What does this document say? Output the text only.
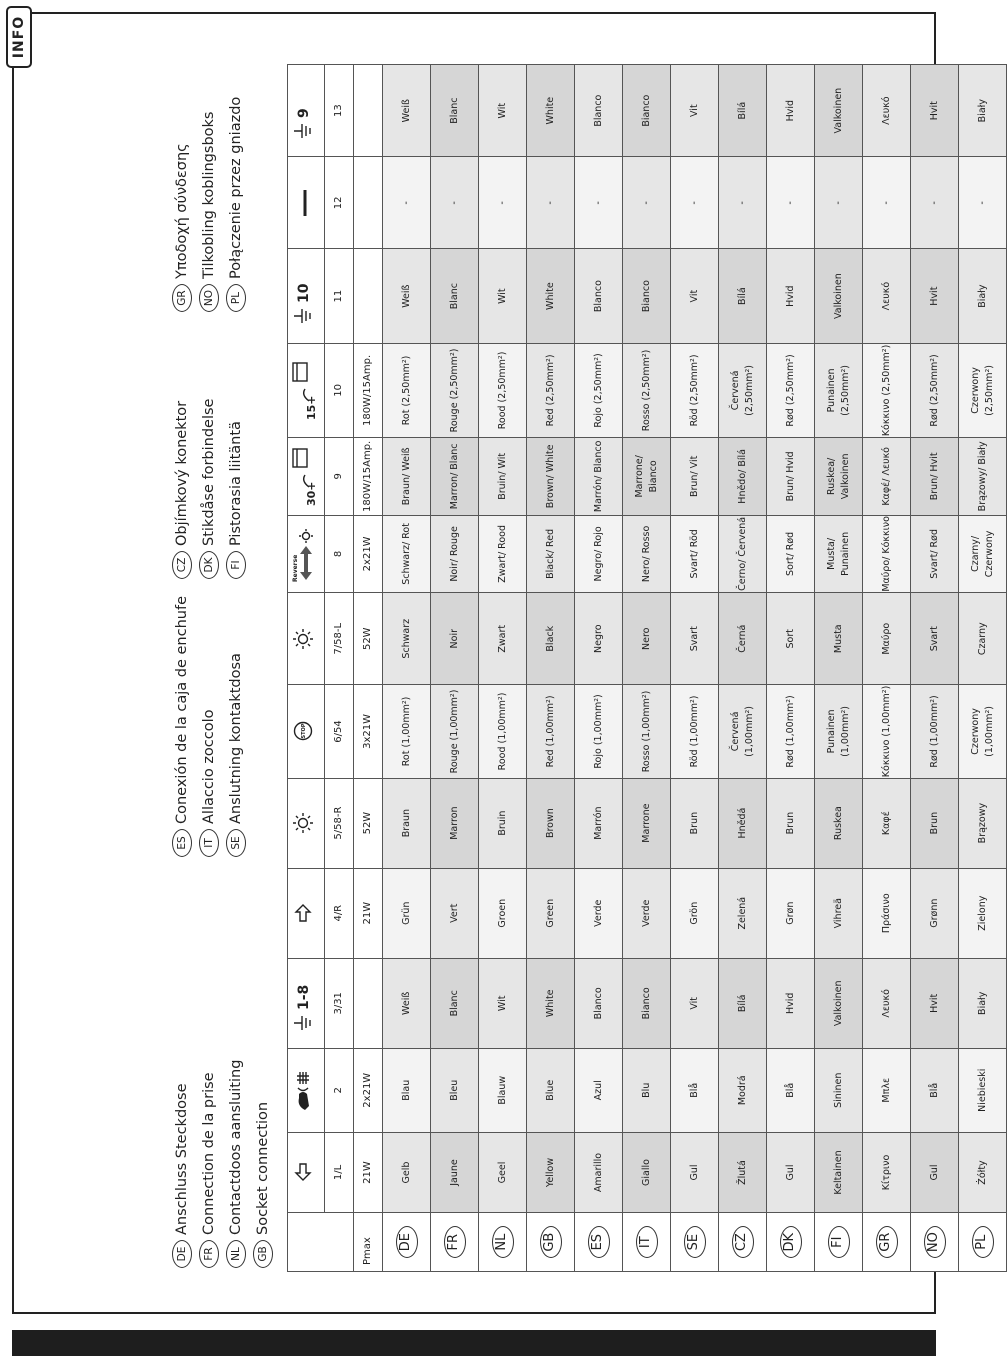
INFO
DE
Anschluss Steckdose
FR
Connection de la prise
NL
Contactdoos aansluiting
GB
Socket connection
ES
Conexión de la caja de enchufe
IT
Allaccio zoccolo
SE
Anslutning kontaktdosa
CZ
Objímkový konektor
DK
Stikdåse forbindelse
FI
Pistorasia liitäntä
GR
Υποδοχή σύνδεσης
NO
Tilkobling koblingsboks
PL
Połączenie przez gniazdo
DIN/ISO 11446			1-8			STOP		Reverse	30+	15+	10		9

	1/L	2	3/31	4/R	5/58-R	6/54	7/58-L	8	9	10	11	12	13
Pmax	21W	2x21W		21W	52W	3x21W	52W	2x21W	180W/15Amp.	180W/15Amp.			
DE	Gelb	Blau	Weiß	Grün	Braun	Rot (1,00mm²)	Schwarz	Schwarz/ Rot	Braun/ Weiß	Rot (2,50mm²)	Weiß	-	Weiß
FR	Jaune	Bleu	Blanc	Vert	Marron	Rouge (1,00mm²)	Noir	Noir/ Rouge	Marron/ Blanc	Rouge (2,50mm²)	Blanc	-	Blanc
NL	Geel	Blauw	Wit	Groen	Bruin	Rood (1,00mm²)	Zwart	Zwart/ Rood	Bruin/ Wit	Rood (2,50mm²)	Wit	-	Wit
GB	Yellow	Blue	White	Green	Brown	Red (1,00mm²)	Black	Black/ Red	Brown/ White	Red (2,50mm²)	White	-	White
ES	Amarillo	Azul	Blanco	Verde	Marrón	Rojo (1,00mm²)	Negro	Negro/ Rojo	Marrón/ Blanco	Rojo (2,50mm²)	Blanco	-	Blanco
IT	Giallo	Blu	Bianco	Verde	Marrone	Rosso (1,00mm²)	Nero	Nero/ Rosso	Marrone/ Bianco	Rosso (2,50mm²)	Bianco	-	Bianco
SE	Gul	Blå	Vit	Grön	Brun	Röd (1,00mm²)	Svart	Svart/ Röd	Brun/ Vit	Röd (2,50mm²)	Vit	-	Vit
CZ	Žlutá	Modrá	Bílá	Zelená	Hnědá	Červená (1,00mm²)	Černá	Černo/ Červená	Hnědo/ Bílá	Červená (2,50mm²)	Bílá	-	Bílá
DK	Gul	Blå	Hvid	Grøn	Brun	Rød (1,00mm²)	Sort	Sort/ Rød	Brun/ Hvid	Rød (2,50mm²)	Hvid	-	Hvid
FI	Keltainen	Sininen	Valkoinen	Vihreä	Ruskea	Punainen (1,00mm²)	Musta	Musta/ Punainen	Ruskea/ Valkoinen	Punainen (2,50mm²)	Valkoinen	-	Valkoinen
GR	Κίτρινο	Μπλε	Λευκό	Πράσινο	Καφέ	Κόκκινο (1,00mm²)	Μαύρο	Μαύρο/ Κόκκινο	Καφέ/ Λευκό	Κόκκινο (2,50mm²)	Λευκό	-	Λευκό
NO	Gul	Blå	Hvit	Grønn	Brun	Rød (1,00mm²)	Svart	Svart/ Rød	Brun/ Hvit	Rød (2,50mm²)	Hvit	-	Hvit
PL	Żółty	Niebieski	Biały	Zielony	Brązowy	Czerwony (1,00mm²)	Czarny	Czarny/ Czerwony	Brązowy/ Biały	Czerwony (2,50mm²)	Biały	-	Biały
